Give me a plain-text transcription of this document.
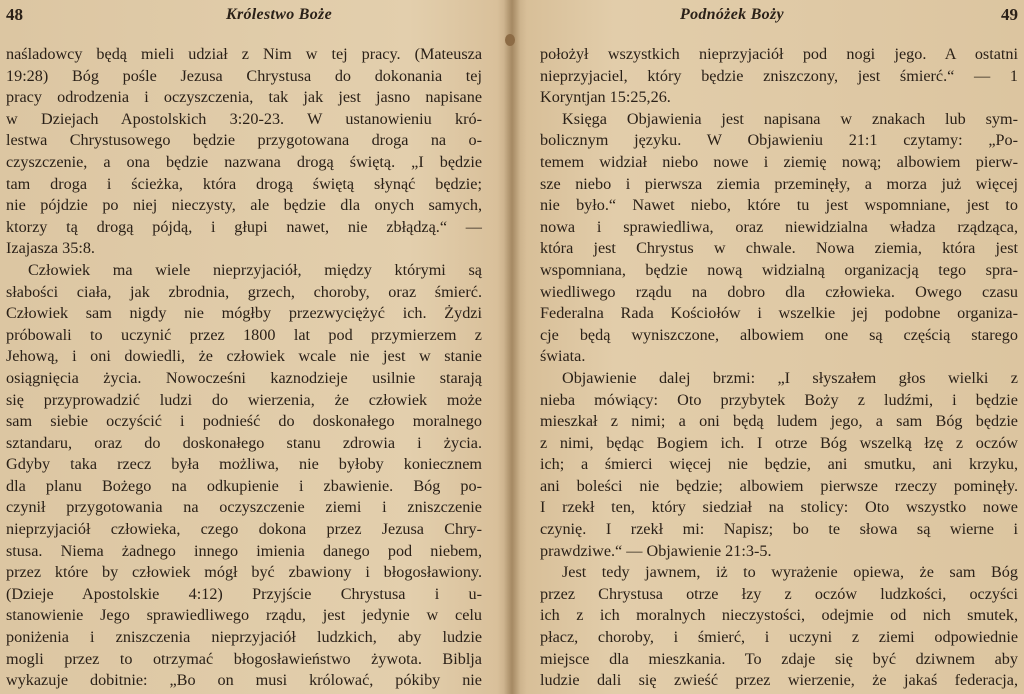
48	Królestwo Boże
naśladowcy będą mieli udział z Nim w tej pracy. (Mateusza
19:28) Bóg pośle Jezusa Chrystusa do dokonania tej
pracy odrodzenia i oczyszczenia, tak jak jest jasno napisane
w Dziejach Apostolskich 3:20-23. W ustanowieniu kró-
lestwa Chrystusowego będzie przygotowana droga na o-
czyszczenie, a ona będzie nazwana drogą świętą. „I będzie
tam droga i ścieżka, która drogą świętą słynąć będzie;
nie pójdzie po niej nieczysty, ale będzie dla onych samych,
ktorzy tą drogą pójdą, i głupi nawet, nie zbłądzą.“ —
Izajasza 35:8.
Człowiek ma wiele nieprzyjaciół, między którymi są
słabości ciała, jak zbrodnia, grzech, choroby, oraz śmierć.
Człowiek sam nigdy nie mógłby przezwyciężyć ich. Żydzi
próbowali to uczynić przez 1800 lat pod przymierzem z
Jehową, i oni dowiedli, że człowiek wcale nie jest w stanie
osiągnięcia życia. Nowocześni kaznodzieje usilnie starają
się przyprowadzić ludzi do wierzenia, że człowiek może
sam siebie oczyścić i podnieść do doskonałego moralnego
sztandaru, oraz do doskonałego stanu zdrowia i życia.
Gdyby taka rzecz była możliwa, nie byłoby koniecznem
dla planu Bożego na odkupienie i zbawienie. Bóg po-
czynił przygotowania na oczyszczenie ziemi i zniszczenie
nieprzyjaciół człowieka, czego dokona przez Jezusa Chry-
stusa. Niema żadnego innego imienia danego pod niebem,
przez które by człowiek mógł być zbawiony i błogosławiony.
(Dzieje Apostolskie 4:12) Przyjście Chrystusa i u-
stanowienie Jego sprawiedliwego rządu, jest jedynie w celu
poniżenia i zniszczenia nieprzyjaciół ludzkich, aby ludzie
mogli przez to otrzymać błogosławieństwo żywota. Biblja
wykazuje dobitnie: „Bo on musi królować, pókiby nie
Podnóżek Boży	49
położył wszystkich nieprzyjaciół pod nogi jego. A ostatni
nieprzyjaciel, który będzie zniszczony, jest śmierć.“ — 1
Koryntjan 15:25,26.
Księga Objawienia jest napisana w znakach lub sym-
bolicznym języku. W Objawieniu 21:1 czytamy: „Po-
temem widział niebo nowe i ziemię nową; albowiem pierw-
sze niebo i pierwsza ziemia przeminęły, a morza już więcej
nie było.“ Nawet niebo, które tu jest wspomniane, jest to
nowa i sprawiedliwa, oraz niewidzialna władza rządząca,
która jest Chrystus w chwale. Nowa ziemia, która jest
wspomniana, będzie nową widzialną organizacją tego spra-
wiedliwego rządu na dobro dla człowieka. Owego czasu
Federalna Rada Kościołów i wszelkie jej podobne organiza-
cje będą wyniszczone, albowiem one są częścią starego
świata.
Objawienie dalej brzmi: „I słyszałem głos wielki z
nieba mówiący: Oto przybytek Boży z ludźmi, i będzie
mieszkał z nimi; a oni będą ludem jego, a sam Bóg będzie
z nimi, będąc Bogiem ich. I otrze Bóg wszelką łzę z oczów
ich; a śmierci więcej nie będzie, ani smutku, ani krzyku,
ani boleści nie będzie; albowiem pierwsze rzeczy pominęły.
I rzekł ten, który siedział na stolicy: Oto wszystko nowe
czynię. I rzekł mi: Napisz; bo te słowa są wierne i
prawdziwe.“ — Objawienie 21:3-5.
Jest tedy jawnem, iż to wyrażenie opiewa, że sam Bóg
przez Chrystusa otrze łzy z oczów ludzkości, oczyści
ich z ich moralnych nieczystości, odejmie od nich smutek,
płacz, choroby, i śmierć, i uczyni z ziemi odpowiednie
miejsce dla mieszkania. To zdaje się być dziwnem aby
ludzie dali się zwieść przez wierzenie, że jakaś federacja,
